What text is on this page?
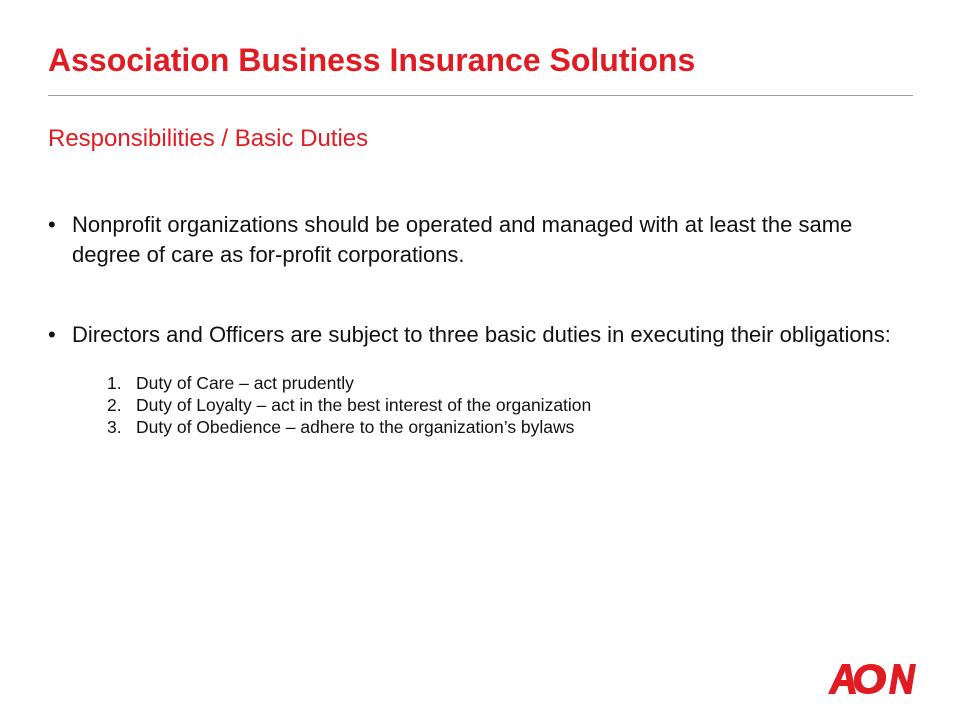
Association Business Insurance Solutions
Responsibilities / Basic Duties
• Nonprofit organizations should be operated and managed with at least the same degree of care as for-profit corporations.
• Directors and Officers are subject to three basic duties in executing their obligations:
1. Duty of Care – act prudently
2. Duty of Loyalty – act in the best interest of the organization
3. Duty of Obedience – adhere to the organization’s bylaws
